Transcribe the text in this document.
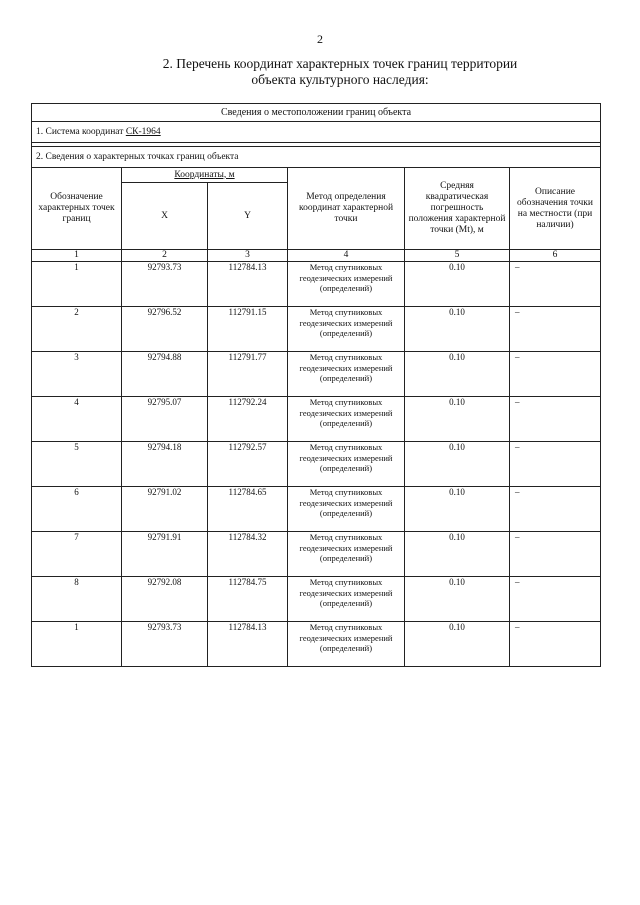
2
2. Перечень координат характерных точек границ территории
объекта культурного наследия:
Сведения о местоположении границ объекта					
1. Система координат СК-1964					

2. Сведения о характерных точках границ объекта					
Обозначение характерных точек границ	Координаты, м		Метод определения координат характерной точки	Средняя квадратическая погрешность положения характерной точки (Mt), м	Описание обозначения точки на местности (при наличии)
	X	Y			
1	2	3	4	5	6
1	92793.73	112784.13	Метод спутниковых геодезических измерений (определений)	0.10	–
2	92796.52	112791.15	Метод спутниковых геодезических измерений (определений)	0.10	–
3	92794.88	112791.77	Метод спутниковых геодезических измерений (определений)	0.10	–
4	92795.07	112792.24	Метод спутниковых геодезических измерений (определений)	0.10	–
5	92794.18	112792.57	Метод спутниковых геодезических измерений (определений)	0.10	–
6	92791.02	112784.65	Метод спутниковых геодезических измерений (определений)	0.10	–
7	92791.91	112784.32	Метод спутниковых геодезических измерений (определений)	0.10	–
8	92792.08	112784.75	Метод спутниковых геодезических измерений (определений)	0.10	–
1	92793.73	112784.13	Метод спутниковых геодезических измерений (определений)	0.10	–
